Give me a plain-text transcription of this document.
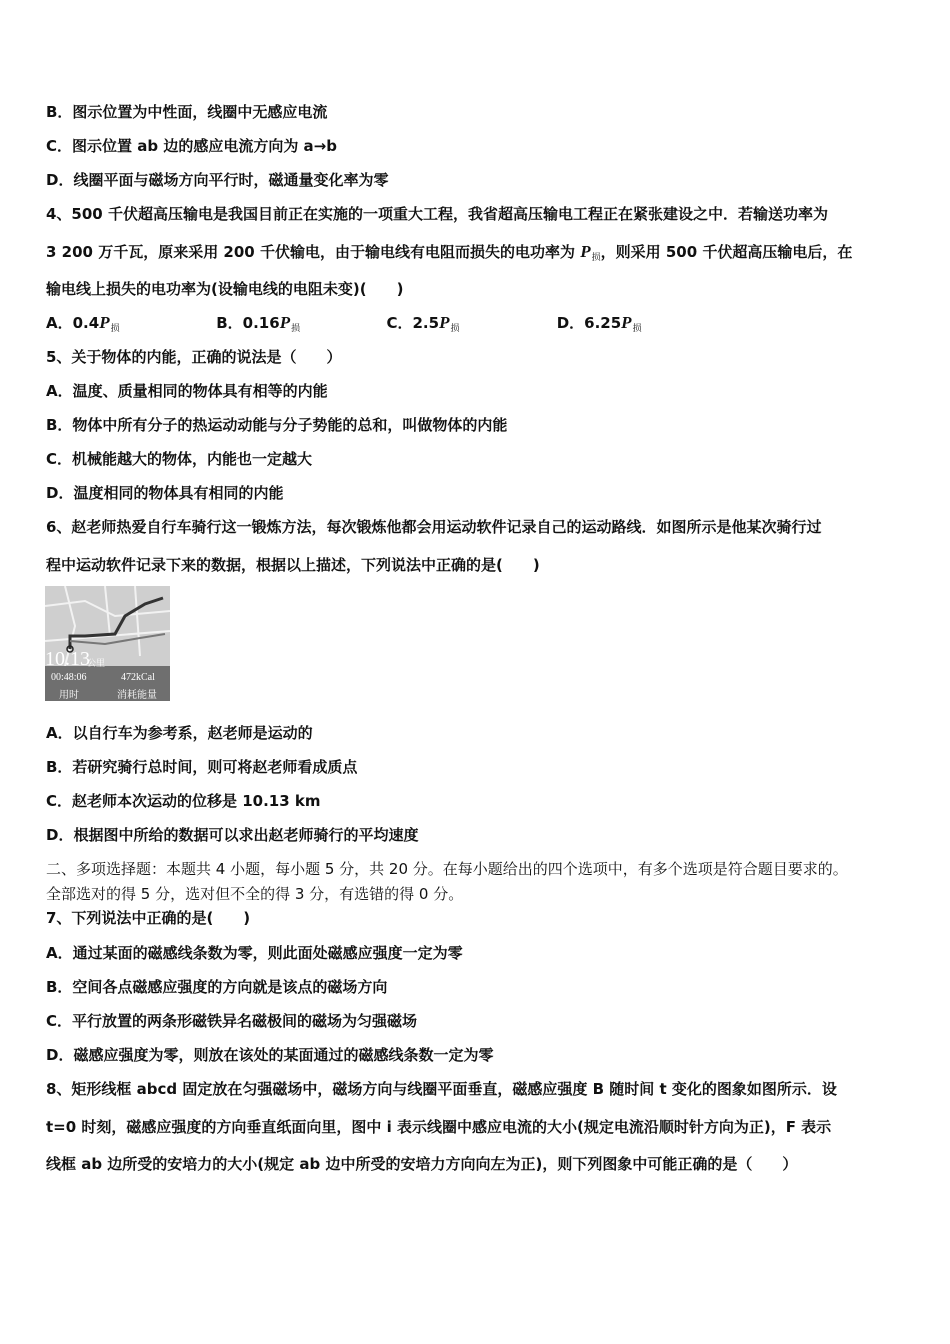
B．图示位置为中性面，线圈中无感应电流
C．图示位置 ab 边的感应电流方向为 a→b
D．线圈平面与磁场方向平行时，磁通量变化率为零
4、500 千伏超高压输电是我国目前正在实施的一项重大工程，我省超高压输电工程正在紧张建设之中．若输送功率为
3 200 万千瓦，原来采用 200 千伏输电，由于输电线有电阻而损失的电功率为 $P_损$，则采用 500 千伏超高压输电后，在
输电线上损失的电功率为(设输电线的电阻未变)(　　)
A．$0.4P_损$	B．$0.16P_损$	C．$2.5P_损$	D．$6.25P_损$
5、关于物体的内能，正确的说法是（　　）
A．温度、质量相同的物体具有相等的内能
B．物体中所有分子的热运动动能与分子势能的总和，叫做物体的内能
C．机械能越大的物体，内能也一定越大
D．温度相同的物体具有相同的内能
6、赵老师热爱自行车骑行这一锻炼方法，每次锻炼他都会用运动软件记录自己的运动路线．如图所示是他某次骑行过
程中运动软件记录下来的数据，根据以上描述，下列说法中正确的是(　　)
10.13
公里
00:48:06
用时
472kCal
消耗能量
A．以自行车为参考系，赵老师是运动的
B．若研究骑行总时间，则可将赵老师看成质点
C．赵老师本次运动的位移是 10.13 km
D．根据图中所给的数据可以求出赵老师骑行的平均速度
二、多项选择题：本题共 4 小题，每小题 5 分，共 20 分。在每小题给出的四个选项中，有多个选项是符合题目要求的。
全部选对的得 5 分，选对但不全的得 3 分，有选错的得 0 分。
7、下列说法中正确的是(　　)
A．通过某面的磁感线条数为零，则此面处磁感应强度一定为零
B．空间各点磁感应强度的方向就是该点的磁场方向
C．平行放置的两条形磁铁异名磁极间的磁场为匀强磁场
D．磁感应强度为零，则放在该处的某面通过的磁感线条数一定为零
8、矩形线框 abcd 固定放在匀强磁场中，磁场方向与线圈平面垂直，磁感应强度 B 随时间 t 变化的图象如图所示．设
t=0 时刻，磁感应强度的方向垂直纸面向里，图中 i 表示线圈中感应电流的大小(规定电流沿顺时针方向为正)，F 表示
线框 ab 边所受的安培力的大小(规定 ab 边中所受的安培力方向向左为正)，则下列图象中可能正确的是（　　）
